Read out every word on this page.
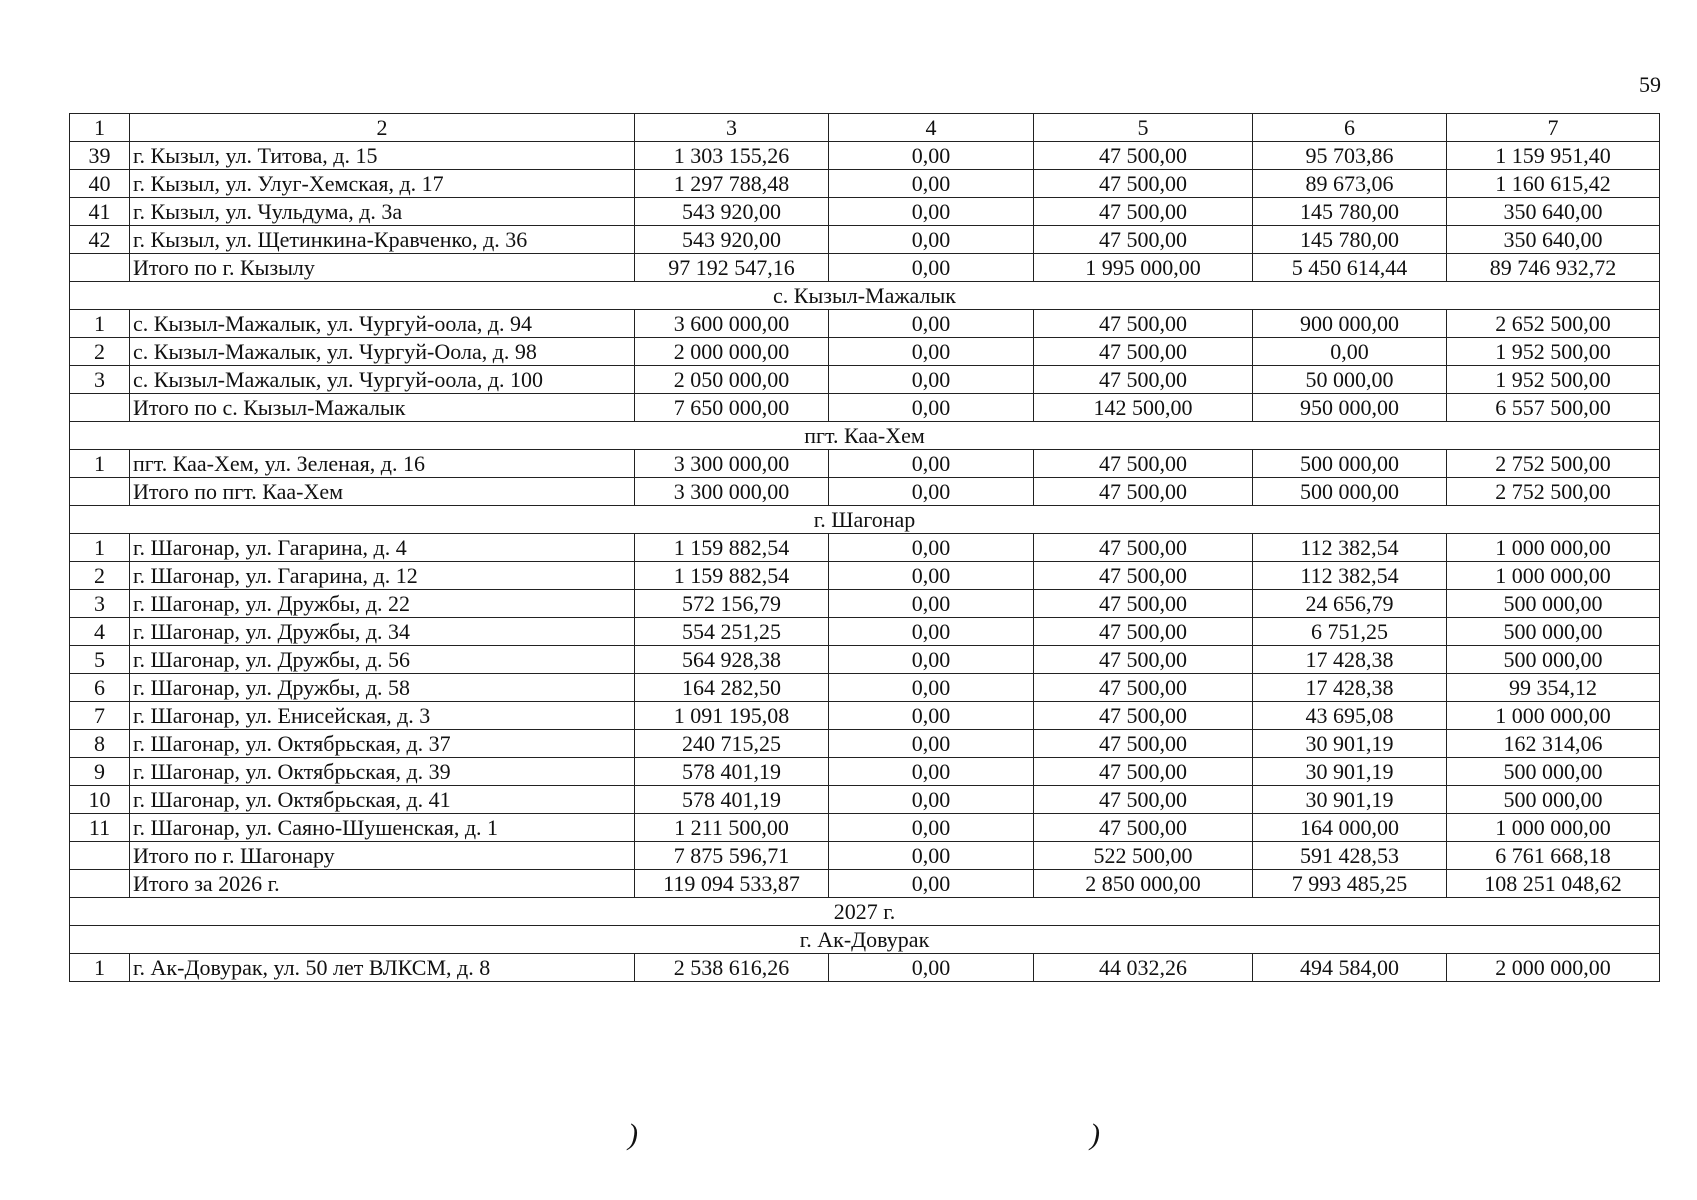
59
1	2	3	4	5	6	7
39	г. Кызыл, ул. Титова, д. 15	1 303 155,26	0,00	47 500,00	95 703,86	1 159 951,40
40	г. Кызыл, ул. Улуг-Хемская, д. 17	1 297 788,48	0,00	47 500,00	89 673,06	1 160 615,42
41	г. Кызыл, ул. Чульдума, д. 3а	543 920,00	0,00	47 500,00	145 780,00	350 640,00
42	г. Кызыл, ул. Щетинкина-Кравченко, д. 36	543 920,00	0,00	47 500,00	145 780,00	350 640,00
	Итого по г. Кызылу	97 192 547,16	0,00	1 995 000,00	5 450 614,44	89 746 932,72
с. Кызыл-Мажалык						
1	с. Кызыл-Мажалык, ул. Чургуй-оола, д. 94	3 600 000,00	0,00	47 500,00	900 000,00	2 652 500,00
2	с. Кызыл-Мажалык, ул. Чургуй-Оола, д. 98	2 000 000,00	0,00	47 500,00	0,00	1 952 500,00
3	с. Кызыл-Мажалык, ул. Чургуй-оола, д. 100	2 050 000,00	0,00	47 500,00	50 000,00	1 952 500,00
	Итого по с. Кызыл-Мажалык	7 650 000,00	0,00	142 500,00	950 000,00	6 557 500,00
пгт. Каа-Хем						
1	пгт. Каа-Хем, ул. Зеленая, д. 16	3 300 000,00	0,00	47 500,00	500 000,00	2 752 500,00
	Итого по пгт. Каа-Хем	3 300 000,00	0,00	47 500,00	500 000,00	2 752 500,00
г. Шагонар						
1	г. Шагонар, ул. Гагарина, д. 4	1 159 882,54	0,00	47 500,00	112 382,54	1 000 000,00
2	г. Шагонар, ул. Гагарина, д. 12	1 159 882,54	0,00	47 500,00	112 382,54	1 000 000,00
3	г. Шагонар, ул. Дружбы, д. 22	572 156,79	0,00	47 500,00	24 656,79	500 000,00
4	г. Шагонар, ул. Дружбы, д. 34	554 251,25	0,00	47 500,00	6 751,25	500 000,00
5	г. Шагонар, ул. Дружбы, д. 56	564 928,38	0,00	47 500,00	17 428,38	500 000,00
6	г. Шагонар, ул. Дружбы, д. 58	164 282,50	0,00	47 500,00	17 428,38	99 354,12
7	г. Шагонар, ул. Енисейская, д. 3	1 091 195,08	0,00	47 500,00	43 695,08	1 000 000,00
8	г. Шагонар, ул. Октябрьская, д. 37	240 715,25	0,00	47 500,00	30 901,19	162 314,06
9	г. Шагонар, ул. Октябрьская, д. 39	578 401,19	0,00	47 500,00	30 901,19	500 000,00
10	г. Шагонар, ул. Октябрьская, д. 41	578 401,19	0,00	47 500,00	30 901,19	500 000,00
11	г. Шагонар, ул. Саяно-Шушенская, д. 1	1 211 500,00	0,00	47 500,00	164 000,00	1 000 000,00
	Итого по г. Шагонару	7 875 596,71	0,00	522 500,00	591 428,53	6 761 668,18
	Итого за 2026 г.	119 094 533,87	0,00	2 850 000,00	7 993 485,25	108 251 048,62
2027 г.						
г. Ак-Довурак						
1	г. Ак-Довурак, ул. 50 лет ВЛКСМ, д. 8	2 538 616,26	0,00	44 032,26	494 584,00	2 000 000,00
)	)
